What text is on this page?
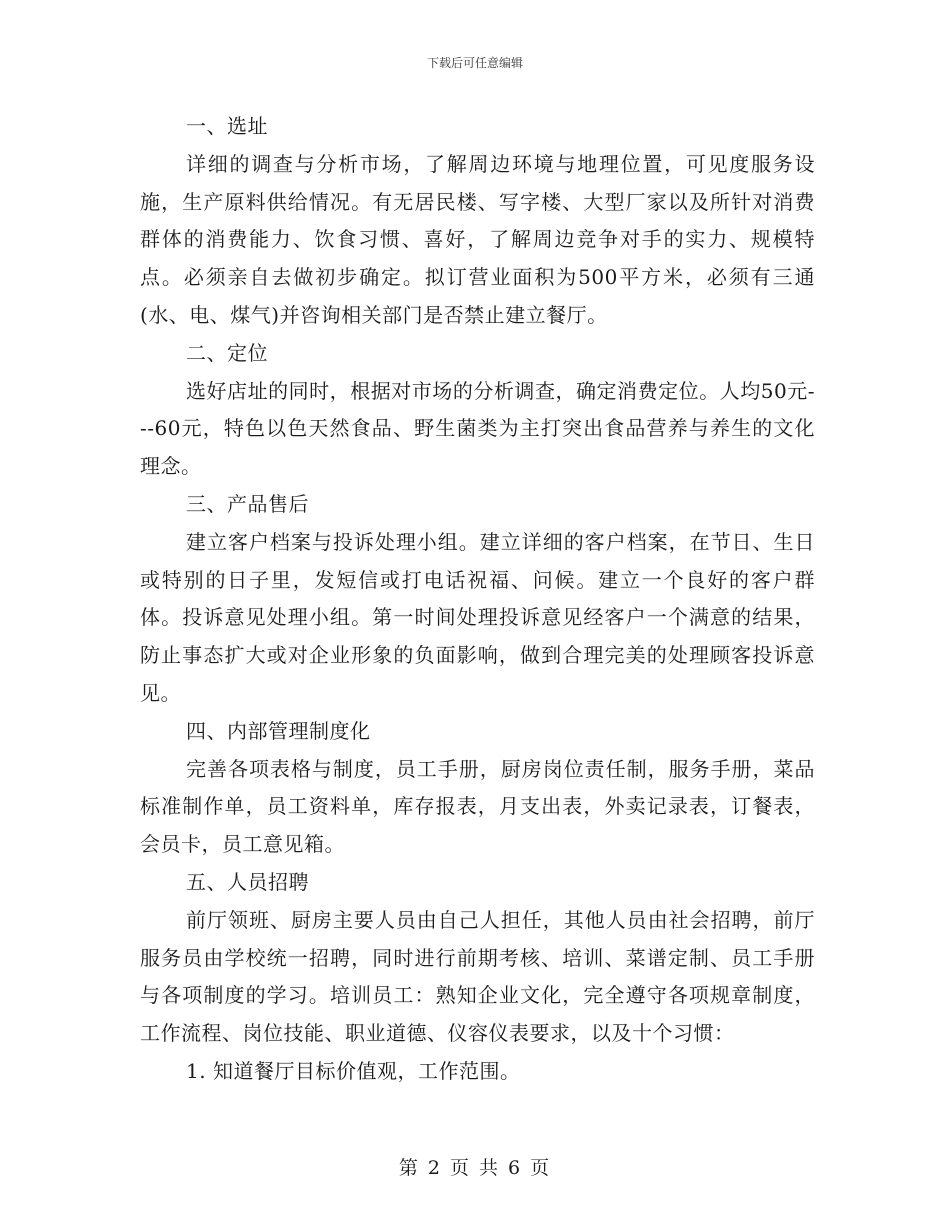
下载后可任意编辑

一、选址

详细的调查与分析市场，了解周边环境与地理位置，可见度服务设施，生产原料供给情况。有无居民楼、写字楼、大型厂家以及所针对消费群体的消费能力、饮食习惯、喜好，了解周边竞争对手的实力、规模特点。必须亲自去做初步确定。拟订营业面积为500平方米，必须有三通(水、电、煤气)并咨询相关部门是否禁止建立餐厅。

二、定位

选好店址的同时，根据对市场的分析调查，确定消费定位。人均50元---60元，特色以色天然食品、野生菌类为主打突出食品营养与养生的文化理念。

三、产品售后

建立客户档案与投诉处理小组。建立详细的客户档案，在节日、生日或特别的日子里，发短信或打电话祝福、问候。建立一个良好的客户群体。投诉意见处理小组。第一时间处理投诉意见经客户一个满意的结果，防止事态扩大或对企业形象的负面影响，做到合理完美的处理顾客投诉意见。

四、内部管理制度化

完善各项表格与制度，员工手册，厨房岗位责任制，服务手册，菜品标准制作单，员工资料单，库存报表，月支出表，外卖记录表，订餐表，会员卡，员工意见箱。

五、人员招聘

前厅领班、厨房主要人员由自己人担任，其他人员由社会招聘，前厅服务员由学校统一招聘，同时进行前期考核、培训、菜谱定制、员工手册与各项制度的学习。培训员工：熟知企业文化，完全遵守各项规章制度，工作流程、岗位技能、职业道德、仪容仪表要求，以及十个习惯：

1. 知道餐厅目标价值观，工作范围。

第 2 页 共 6 页
